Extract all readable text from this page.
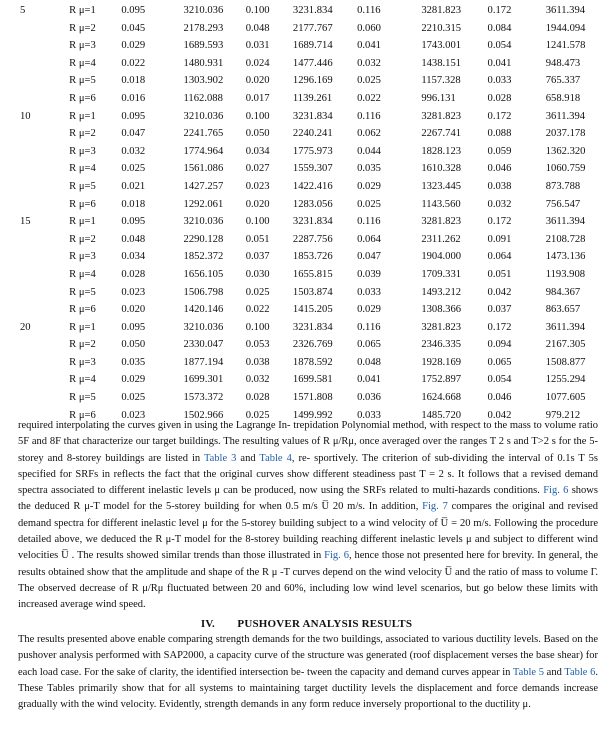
5	R μ=1	0.095	3210.036	0.100	3231.834	0.116	3281.823	0.172	3611.394
	R μ=2	0.045	2178.293	0.048	2177.767	0.060	2210.315	0.084	1944.094
	R μ=3	0.029	1689.593	0.031	1689.714	0.041	1743.001	0.054	1241.578
	R μ=4	0.022	1480.931	0.024	1477.446	0.032	1438.151	0.041	948.473
	R μ=5	0.018	1303.902	0.020	1296.169	0.025	1157.328	0.033	765.337
	R μ=6	0.016	1162.088	0.017	1139.261	0.022	996.131	0.028	658.918
10	R μ=1	0.095	3210.036	0.100	3231.834	0.116	3281.823	0.172	3611.394
	R μ=2	0.047	2241.765	0.050	2240.241	0.062	2267.741	0.088	2037.178
	R μ=3	0.032	1774.964	0.034	1775.973	0.044	1828.123	0.059	1362.320
	R μ=4	0.025	1561.086	0.027	1559.307	0.035	1610.328	0.046	1060.759
	R μ=5	0.021	1427.257	0.023	1422.416	0.029	1323.445	0.038	873.788
	R μ=6	0.018	1292.061	0.020	1283.056	0.025	1143.560	0.032	756.547
15	R μ=1	0.095	3210.036	0.100	3231.834	0.116	3281.823	0.172	3611.394
	R μ=2	0.048	2290.128	0.051	2287.756	0.064	2311.262	0.091	2108.728
	R μ=3	0.034	1852.372	0.037	1853.726	0.047	1904.000	0.064	1473.136
	R μ=4	0.028	1656.105	0.030	1655.815	0.039	1709.331	0.051	1193.908
	R μ=5	0.023	1506.798	0.025	1503.874	0.033	1493.212	0.042	984.367
	R μ=6	0.020	1420.146	0.022	1415.205	0.029	1308.366	0.037	863.657
20	R μ=1	0.095	3210.036	0.100	3231.834	0.116	3281.823	0.172	3611.394
	R μ=2	0.050	2330.047	0.053	2326.769	0.065	2346.335	0.094	2167.305
	R μ=3	0.035	1877.194	0.038	1878.592	0.048	1928.169	0.065	1508.877
	R μ=4	0.029	1699.301	0.032	1699.581	0.041	1752.897	0.054	1255.294
	R μ=5	0.025	1573.372	0.028	1571.808	0.036	1624.668	0.046	1077.605
	R μ=6	0.023	1502.966	0.025	1499.992	0.033	1485.720	0.042	979.212
required interpolating the curves given in using the Lagrange In- trepidation Polynomial method, with respect to the mass to volume ratio 5F and 8F that characterize our target buildings. The resulting values of R μ/Rμ, once averaged over the ranges T 2 s and T>2 s for the 5-storey and 8-storey buildings are listed in Table 3 and Table 4, re- sportively. The criterion of sub-dividing the interval of 0.1s T 5s specified for SRFs in reflects the fact that the original curves show different steadiness past T = 2 s. It follows that a revised demand spectra associated to different inelastic levels μ can be produced, now using the SRFs related to multi-hazards conditions. Fig. 6 shows the deduced R μ-T model for the 5-storey building for when 0.5 m/s U̅ 20 m/s. In addition, Fig. 7 compares the original and revised demand spectra for different inelastic level μ for the 5-storey building subject to a wind velocity of U̅ = 20 m/s. Following the procedure detailed above, we deduced the R μ-T model for the 8-storey building reaching different inelastic levels μ and subject to different wind velocities U̅ . The results showed similar trends than those illustrated in Fig. 6, hence those not presented here for brevity. In general, the results obtained show that the amplitude and shape of the R μ -T curves depend on the wind velocity U̅ and the ratio of mass to volume Γ. The observed decrease of R μ/Rμ fluctuated between 20 and 60%, including low wind level scenarios, but go below these limits with increased average wind speed.
IV.  PUSHOVER ANALYSIS RESULTS
The results presented above enable comparing strength demands for the two buildings, associated to various ductility levels. Based on the pushover analysis performed with SAP2000, a capacity curve of the structure was generated (roof displacement verses the base shear) for each load case. For the sake of clarity, the identified intersection be- tween the capacity and demand curves appear in Table 5 and Table 6. These Tables primarily show that for all systems to maintaining target ductility levels the displacement and force demands increase gradually with the wind velocity. Evidently, strength demands in any form reduce inversely proportional to the ductility μ.
